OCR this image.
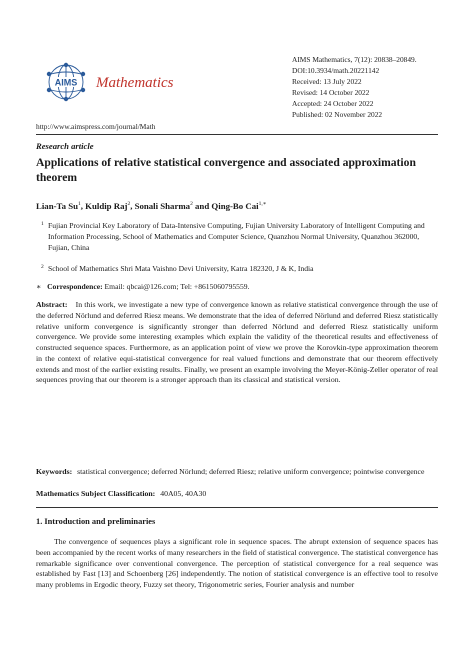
AIMS Mathematics
http://www.aimspress.com/journal/Math
AIMS Mathematics, 7(12): 20838–20849.
DOI:10.3934/math.20221142
Received: 13 July 2022
Revised: 14 October 2022
Accepted: 24 October 2022
Published: 02 November 2022
Research article
Applications of relative statistical convergence and associated approximation theorem
Lian-Ta Su$^1$, Kuldip Raj$^2$, Sonali Sharma$^2$ and Qing-Bo Cai$^{1,∗}$
1 Fujian Provincial Key Laboratory of Data-Intensive Computing, Fujian University Laboratory of Intelligent Computing and Information Processing, School of Mathematics and Computer Science, Quanzhou Normal University, Quanzhou 362000, Fujian, China
2 School of Mathematics Shri Mata Vaishno Devi University, Katra 182320, J & K, India
∗ Correspondence: Email: qbcai@126.com; Tel: +8615060795559.
Abstract: In this work, we investigate a new type of convergence known as relative statistical convergence through the use of the deferred Nörlund and deferred Riesz means. We demonstrate that the idea of deferred Nörlund and deferred Riesz statistically relative uniform convergence is significantly stronger than deferred Nörlund and deferred Riesz statistically uniform convergence. We provide some interesting examples which explain the validity of the theoretical results and effectiveness of constructed sequence spaces. Furthermore, as an application point of view we prove the Korovkin-type approximation theorem in the context of relative equi-statistical convergence for real valued functions and demonstrate that our theorem effectively extends and most of the earlier existing results. Finally, we present an example involving the Meyer-König-Zeller operator of real sequences proving that our theorem is a stronger approach than its classical and statistical version.
Keywords: statistical convergence; deferred Nörlund; deferred Riesz; relative uniform convergence; pointwise convergence
Mathematics Subject Classification: 40A05, 40A30
1. Introduction and preliminaries
The convergence of sequences plays a significant role in sequence spaces. The abrupt extension of sequence spaces has been accompanied by the recent works of many researchers in the field of statistical convergence. The statistical convergence has remarkable significance over conventional convergence. The perception of statistical convergence for a real sequence was established by Fast [13] and Schoenberg [26] independently. The notion of statistical convergence is an effective tool to resolve many problems in Ergodic theory, Fuzzy set theory, Trigonometric series, Fourier analysis and number
